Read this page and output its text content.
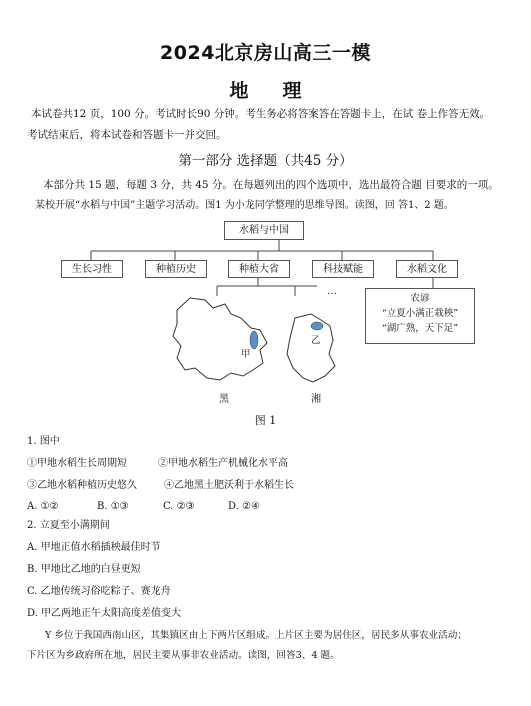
2024北京房山高三一模
地 理
本试卷共12 页，100 分。考试时长90 分钟。考生务必将答案答在答题卡上，在试 卷上作答无效。
考试结束后，将本试卷和答题卡一并交回。
第一部分 选择题（共45 分）
本部分共 15 题，每题 3 分，共 45 分。在每题列出的四个选项中，选出最符合题 目要求的一项。
某校开展“水稻与中国”主题学习活动。图1 为小龙同学整理的思维导图。读图，回 答1、2 题。
水稻与中国
生长习性	种植历史	种植大省	科技赋能	水稻文化
…
农谚
“立夏小满正栽秧”
“湖广熟，天下足”
甲
黑
乙
湘
图 1
1. 图中
①甲地水稻生长周期短	②甲地水稻生产机械化水平高
③乙地水稻种植历史悠久	④乙地黑土肥沃利于水稻生长
A. ①②	B. ①③	C. ②③	D. ②④
2. 立夏至小满期间
A. 甲地正值水稻插秧最佳时节
B. 甲地比乙地的白昼更短
C. 乙地传统习俗吃粽子、赛龙舟
D. 甲乙两地正午太阳高度差值变大
Y 乡位于我国西南山区，其集镇区由上下两片区组成。上片区主要为居住区，居民多从事农业活动；
下片区为乡政府所在地，居民主要从事非农业活动。读图，回答3、4 题。
